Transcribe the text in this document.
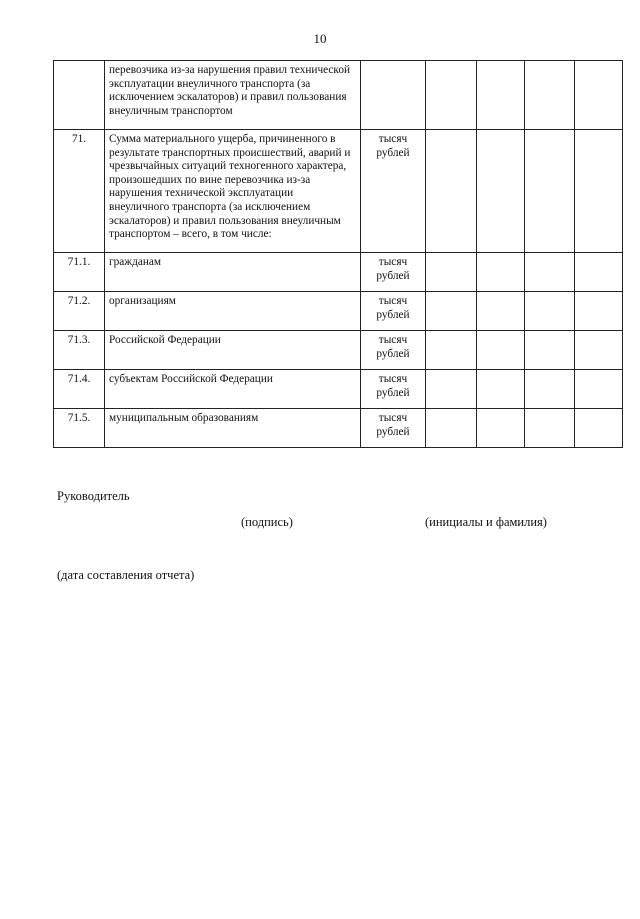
10
	перевозчика из-за нарушения правил технической эксплуатации внеуличного транспорта (за исключением эскалаторов) и правил пользования внеуличным транспортом					
71.	Сумма материального ущерба, причиненного в результате транспортных происшествий, аварий и чрезвычайных ситуаций техногенного характера, произошедших по вине перевозчика из-за нарушения технической эксплуатации внеуличного транспорта (за исключением эскалаторов) и правил пользования внеуличным транспортом – всего, в том числе:	тысяч рублей				
71.1.	гражданам	тысяч рублей				
71.2.	организациям	тысяч рублей				
71.3.	Российской Федерации	тысяч рублей				
71.4.	субъектам Российской Федерации	тысяч рублей				
71.5.	муниципальным образованиям	тысяч рублей				
Руководитель
(подпись)	(инициалы и фамилия)
(дата составления отчета)
